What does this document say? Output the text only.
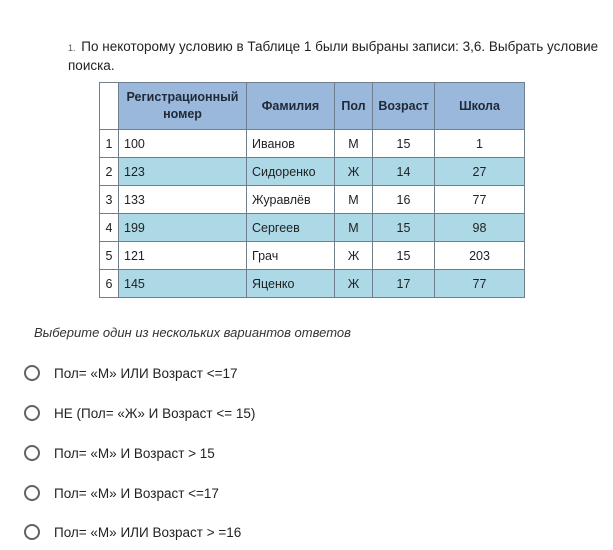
1. По некоторому условию в Таблице 1 были выбраны записи: 3,6. Выбрать условие поиска.
	Регистрационный номер	Фамилия	Пол	Возраст	Школа
1	100	Иванов	М	15	1
2	123	Сидоренко	Ж	14	27
3	133	Журавлёв	М	16	77
4	199	Сергеев	М	15	98
5	121	Грач	Ж	15	203
6	145	Яценко	Ж	17	77
Выберите один из нескольких вариантов ответов
Пол= «М» ИЛИ Возраст <=17
НЕ (Пол= «Ж» И Возраст <= 15)
Пол= «М» И Возраст > 15
Пол= «М» И Возраст <=17
Пол= «М» ИЛИ Возраст > =16
